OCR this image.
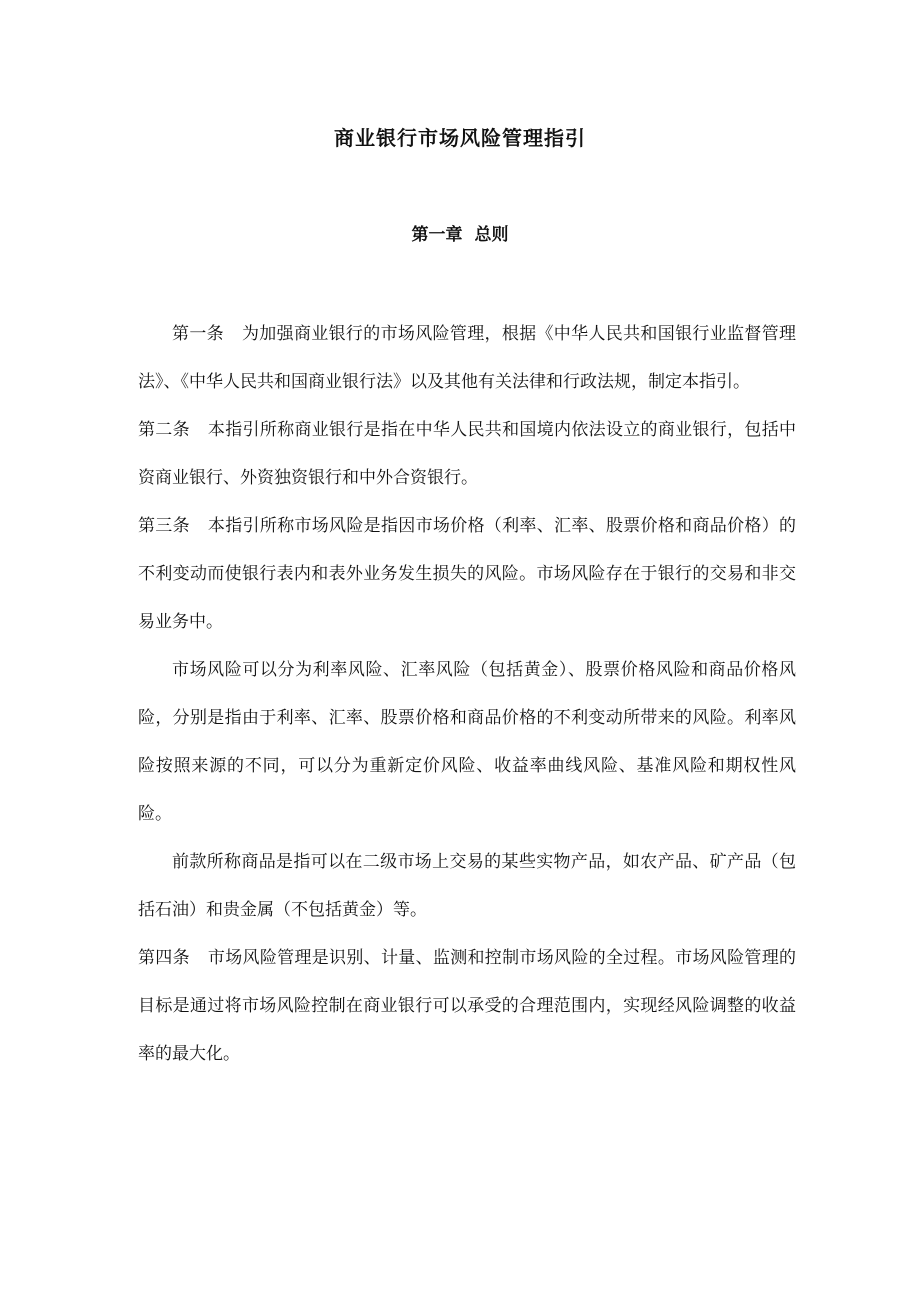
商业银行市场风险管理指引
第一章 总则

第一条 为加强商业银行的市场风险管理，根据《中华人民共和国银行业监督管理法》、《中华人民共和国商业银行法》以及其他有关法律和行政法规，制定本指引。

第二条 本指引所称商业银行是指在中华人民共和国境内依法设立的商业银行，包括中资商业银行、外资独资银行和中外合资银行。

第三条 本指引所称市场风险是指因市场价格（利率、汇率、股票价格和商品价格）的不利变动而使银行表内和表外业务发生损失的风险。市场风险存在于银行的交易和非交易业务中。

市场风险可以分为利率风险、汇率风险（包括黄金）、股票价格风险和商品价格风险，分别是指由于利率、汇率、股票价格和商品价格的不利变动所带来的风险。利率风险按照来源的不同，可以分为重新定价风险、收益率曲线风险、基准风险和期权性风险。

前款所称商品是指可以在二级市场上交易的某些实物产品，如农产品、矿产品（包括石油）和贵金属（不包括黄金）等。

第四条 市场风险管理是识别、计量、监测和控制市场风险的全过程。市场风险管理的目标是通过将市场风险控制在商业银行可以承受的合理范围内，实现经风险调整的收益率的最大化。
